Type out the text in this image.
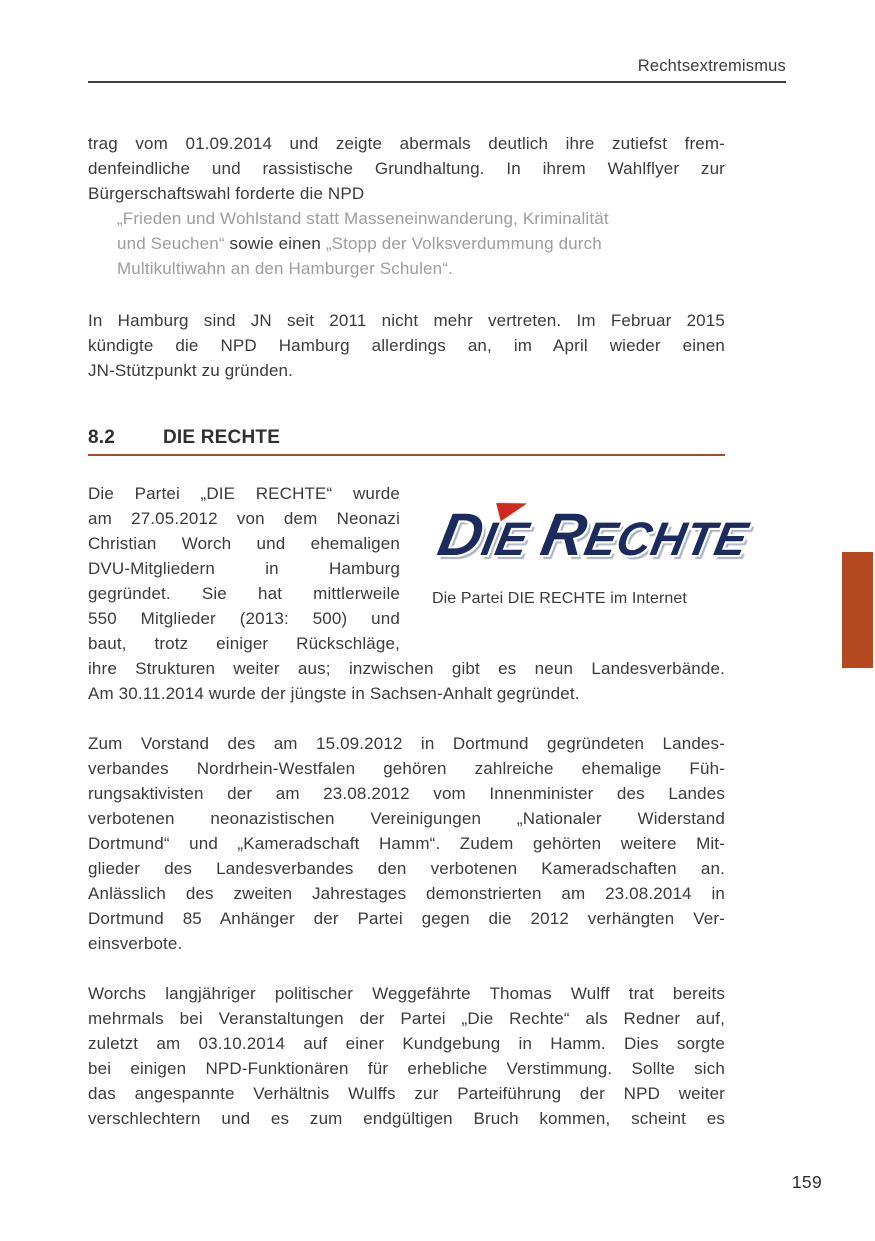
Rechtsextremismus
trag vom 01.09.2014 und zeigte abermals deutlich ihre zutiefst frem-
denfeindliche und rassistische Grundhaltung. In ihrem Wahlflyer zur
Bürgerschaftswahl forderte die NPD
„Frieden und Wohlstand statt Masseneinwanderung, Kriminalität
und Seuchen“ sowie einen „Stopp der Volksverdummung durch
Multikultiwahn an den Hamburger Schulen“.
In Hamburg sind JN seit 2011 nicht mehr vertreten. Im Februar 2015
kündigte die NPD Hamburg allerdings an, im April wieder einen
JN-Stützpunkt zu gründen.
8.2	DIE RECHTE
Die Partei „DIE RECHTE“ wurde
am 27.05.2012 von dem Neonazi
Christian Worch und ehemaligen
DVU-Mitgliedern in Hamburg
gegründet. Sie hat mittlerweile
550 Mitglieder (2013: 500) und
baut, trotz einiger Rückschläge,
ihre Strukturen weiter aus; inzwischen gibt es neun Landesverbände.
Am 30.11.2014 wurde der jüngste in Sachsen-Anhalt gegründet.
DIE RECHTE
Die Partei DIE RECHTE im Internet
Zum Vorstand des am 15.09.2012 in Dortmund gegründeten Landes-
verbandes Nordrhein-Westfalen gehören zahlreiche ehemalige Füh-
rungsaktivisten der am 23.08.2012 vom Innenminister des Landes
verbotenen neonazistischen Vereinigungen „Nationaler Widerstand
Dortmund“ und „Kameradschaft Hamm“. Zudem gehörten weitere Mit-
glieder des Landesverbandes den verbotenen Kameradschaften an.
Anlässlich des zweiten Jahrestages demonstrierten am 23.08.2014 in
Dortmund 85 Anhänger der Partei gegen die 2012 verhängten Ver-
einsverbote.
Worchs langjähriger politischer Weggefährte Thomas Wulff trat bereits
mehrmals bei Veranstaltungen der Partei „Die Rechte“ als Redner auf,
zuletzt am 03.10.2014 auf einer Kundgebung in Hamm. Dies sorgte
bei einigen NPD-Funktionären für erhebliche Verstimmung. Sollte sich
das angespannte Verhältnis Wulffs zur Parteiführung der NPD weiter
verschlechtern und es zum endgültigen Bruch kommen, scheint es
159
